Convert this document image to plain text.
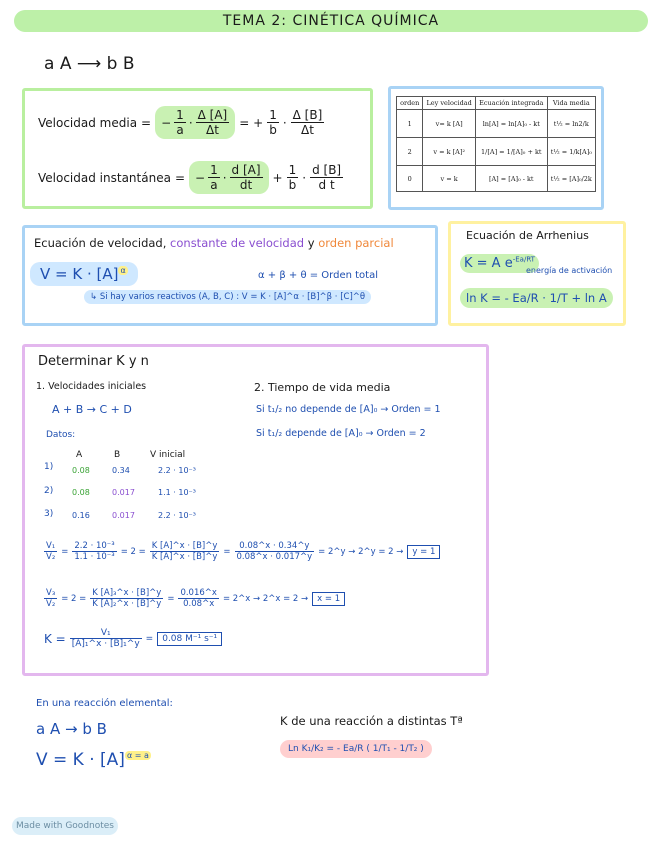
TEMA 2: CINÉTICA QUÍMICA
a A ⟶ b B
Velocidad media = − $\frac{1}{a} \cdot \frac{\Delta [A]}{\Delta t}$ = + $\frac{1}{b} \cdot \frac{\Delta [B]}{\Delta t}$
Velocidad instantánea = − $\frac{1}{a} \cdot \frac{d [A]}{dt} + \frac{1}{b} \cdot \frac{d [B]}{\text{d t}}$
orden	Ley velocidad	Ecuación integrada	Vida media
1	v= k [A]	ln[A] = ln[A]₀ - kt	t½ = ln2/k
2	v = k [A]²	1/[A] = 1/[A]₀ + kt	t½ = 1/k[A]₀
0	v = k	[A] = [A]₀ - kt	t½ = [A]₀/2k
Ecuación de velocidad, constante de velocidad y orden parcial
V = K · [A] $^\alpha$	α + β + θ = Orden total
↳ Si hay varios reactivos (A, B, C) : V = K · [A]^α · [B]^β · [C]^θ
Ecuación de Arrhenius
K = A $e^{-Ea/RT}$
energía de activación
ln K = - Ea/R · 1/T + ln A
Determinar K y n
1. Velocidades iniciales	2. Tiempo de vida media
A + B → C + D	Si t₁/₂ no depende de [A]₀ → Orden = 1
Si t₁/₂ depende de [A]₀ → Orden = 2
Datos:
A	B	V inicial
1) 0.08	0.34	2.2 · 10⁻³
2) 0.08	0.017	1.1 · 10⁻³
3) 0.16	0.017	2.2 · 10⁻³
$\frac{\text{V₁}}{\text{V₂}} = \frac{\text{2.2 · 10⁻³}}{\text{1.1 · 10⁻³}} = 2 = \frac{K [A]\^{}x \cdot [B]\^{}y}{K [A]\^{}x \cdot [B]\^{}y} = \frac{0.08\^{}x \cdot 0.34\^{}y}{0.08\^{}x \cdot 0.017\^{}y}$ = 2^y → 2^y = 2 →	y = 1
$\frac{\text{V₃}}{\text{V₂}} = 2 = \frac{\text{K [A]₃\textasciicircum{}x · [B]\textasciicircum{}y}}{\text{K [A]₂\textasciicircum{}x · [B]\textasciicircum{}y}} = \frac{0.016\^{}x}{0.08\^{}x}$ = 2^x → 2^x = 2 →	x = 1
$K = \frac{\text{V₁}}{\text{[A]₁\textasciicircum{}x · [B]₁\textasciicircum{}y}}$ =	0.08 M⁻¹ s⁻¹
En una reacción elemental:
a A → b B
V = K · [A] $^{\alpha = a}$
K de una reacción a distintas Tª
Ln K₁/K₂ = - Ea/R ( 1/T₁ - 1/T₂ )
Made with Goodnotes
